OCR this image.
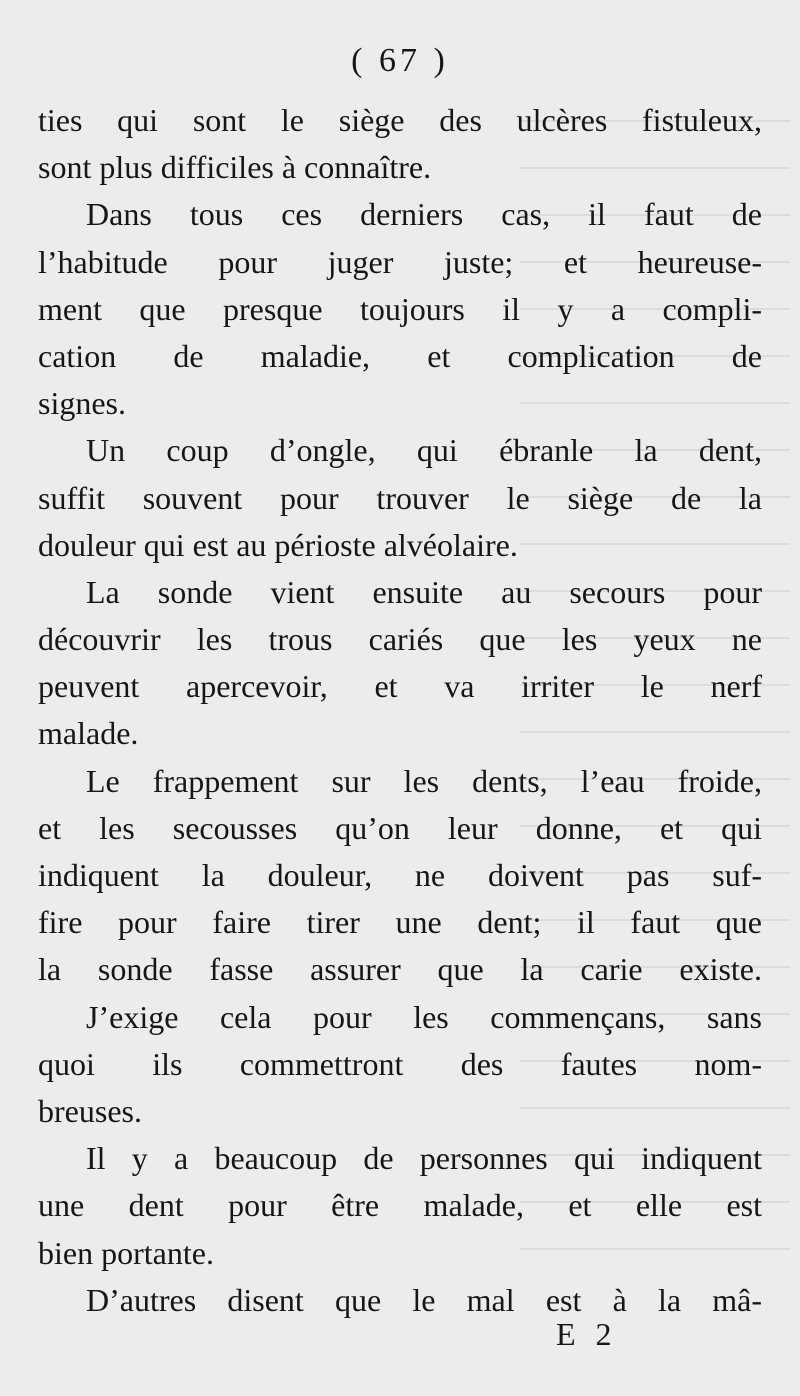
( 67 )
ties qui sont le siège des ulcères fistuleux,
sont plus difficiles à connaître.
Dans tous ces derniers cas, il faut de
l’habitude pour juger juste; et heureuse-
ment que presque toujours il y a compli-
cation de maladie, et complication de
signes.
Un coup d’ongle, qui ébranle la dent,
suffit souvent pour trouver le siège de la
douleur qui est au périoste alvéolaire.
La sonde vient ensuite au secours pour
découvrir les trous cariés que les yeux ne
peuvent apercevoir, et va irriter le nerf
malade.
Le frappement sur les dents, l’eau froide,
et les secousses qu’on leur donne, et qui
indiquent la douleur, ne doivent pas suf-
fire pour faire tirer une dent; il faut que
la sonde fasse assurer que la carie existe.
J’exige cela pour les commençans, sans
quoi ils commettront des fautes nom-
breuses.
Il y a beaucoup de personnes qui indiquent
une dent pour être malade, et elle est
bien portante.
D’autres disent que le mal est à la mâ-
E 2
